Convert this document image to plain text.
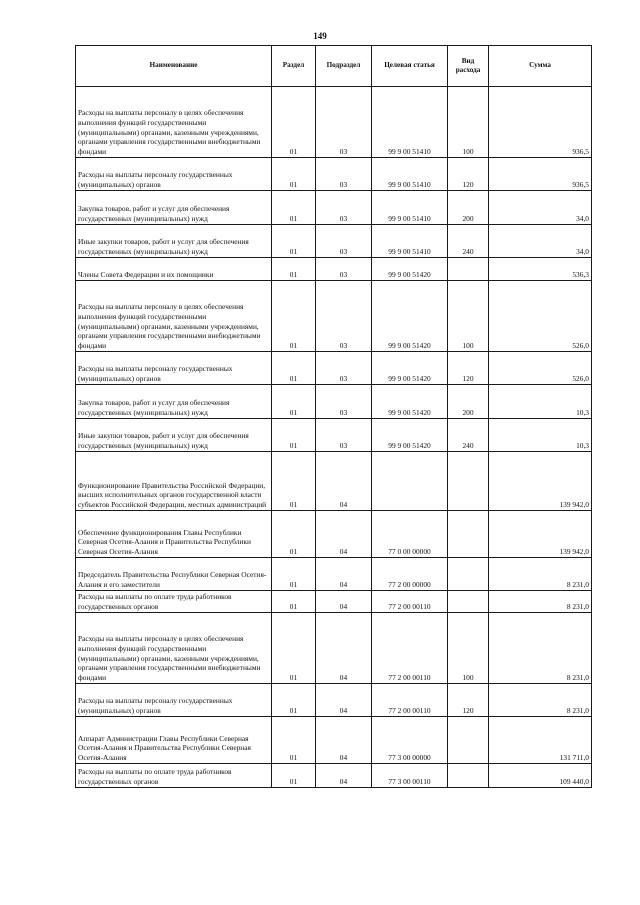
149
Наименование	Раздел	Подраздел	Целевая статья	Вид расхода	Сумма
Расходы на выплаты персоналу в целях обеспечения выполнения функций государственными (муниципальными) органами, казенными учреждениями, органами управления государственными внебюджетными фондами	01	03	99 9 00 51410	100	936,5
Расходы на выплаты персоналу государственных (муниципальных) органов	01	03	99 9 00 51410	120	936,5
Закупка товаров, работ и услуг для обеспечения государственных (муниципальных) нужд	01	03	99 9 00 51410	200	34,0
Иные закупки товаров, работ и услуг для обеспечения государственных (муниципальных) нужд	01	03	99 9 00 51410	240	34,0
Члены Совета Федерации и их помощники	01	03	99 9 00 51420		536,3
Расходы на выплаты персоналу в целях обеспечения выполнения функций государственными (муниципальными) органами, казенными учреждениями, органами управления государственными внебюджетными фондами	01	03	99 9 00 51420	100	526,0
Расходы на выплаты персоналу государственных (муниципальных) органов	01	03	99 9 00 51420	120	526,0
Закупка товаров, работ и услуг для обеспечения государственных (муниципальных) нужд	01	03	99 9 00 51420	200	10,3
Иные закупки товаров, работ и услуг для обеспечения государственных (муниципальных) нужд	01	03	99 9 00 51420	240	10,3
Функционирование Правительства Российской Федерации, высших исполнительных органов государственной власти субъектов Российской Федерации, местных администраций	01	04			139 942,0
Обеспечение функционирования Главы Республики Северная Осетия-Алания и Правительства Республики Северная Осетия-Алания	01	04	77 0 00 00000		139 942,0
Председатель Правительства Республики Северная Осетия-Алания и его заместители	01	04	77 2 00 00000		8 231,0
Расходы на выплаты по оплате труда работников государственных органов	01	04	77 2 00 00110		8 231,0
Расходы на выплаты персоналу в целях обеспечения выполнения функций государственными (муниципальными) органами, казенными учреждениями, органами управления государственными внебюджетными фондами	01	04	77 2 00 00110	100	8 231,0
Расходы на выплаты персоналу государственных (муниципальных) органов	01	04	77 2 00 00110	120	8 231,0
Аппарат Администрации Главы Республики Северная Осетия-Алания и Правительства Республики Северная Осетия-Алания	01	04	77 3 00 00000		131 711,0
Расходы на выплаты по оплате труда работников государственных органов	01	04	77 3 00 00110		109 440,0
